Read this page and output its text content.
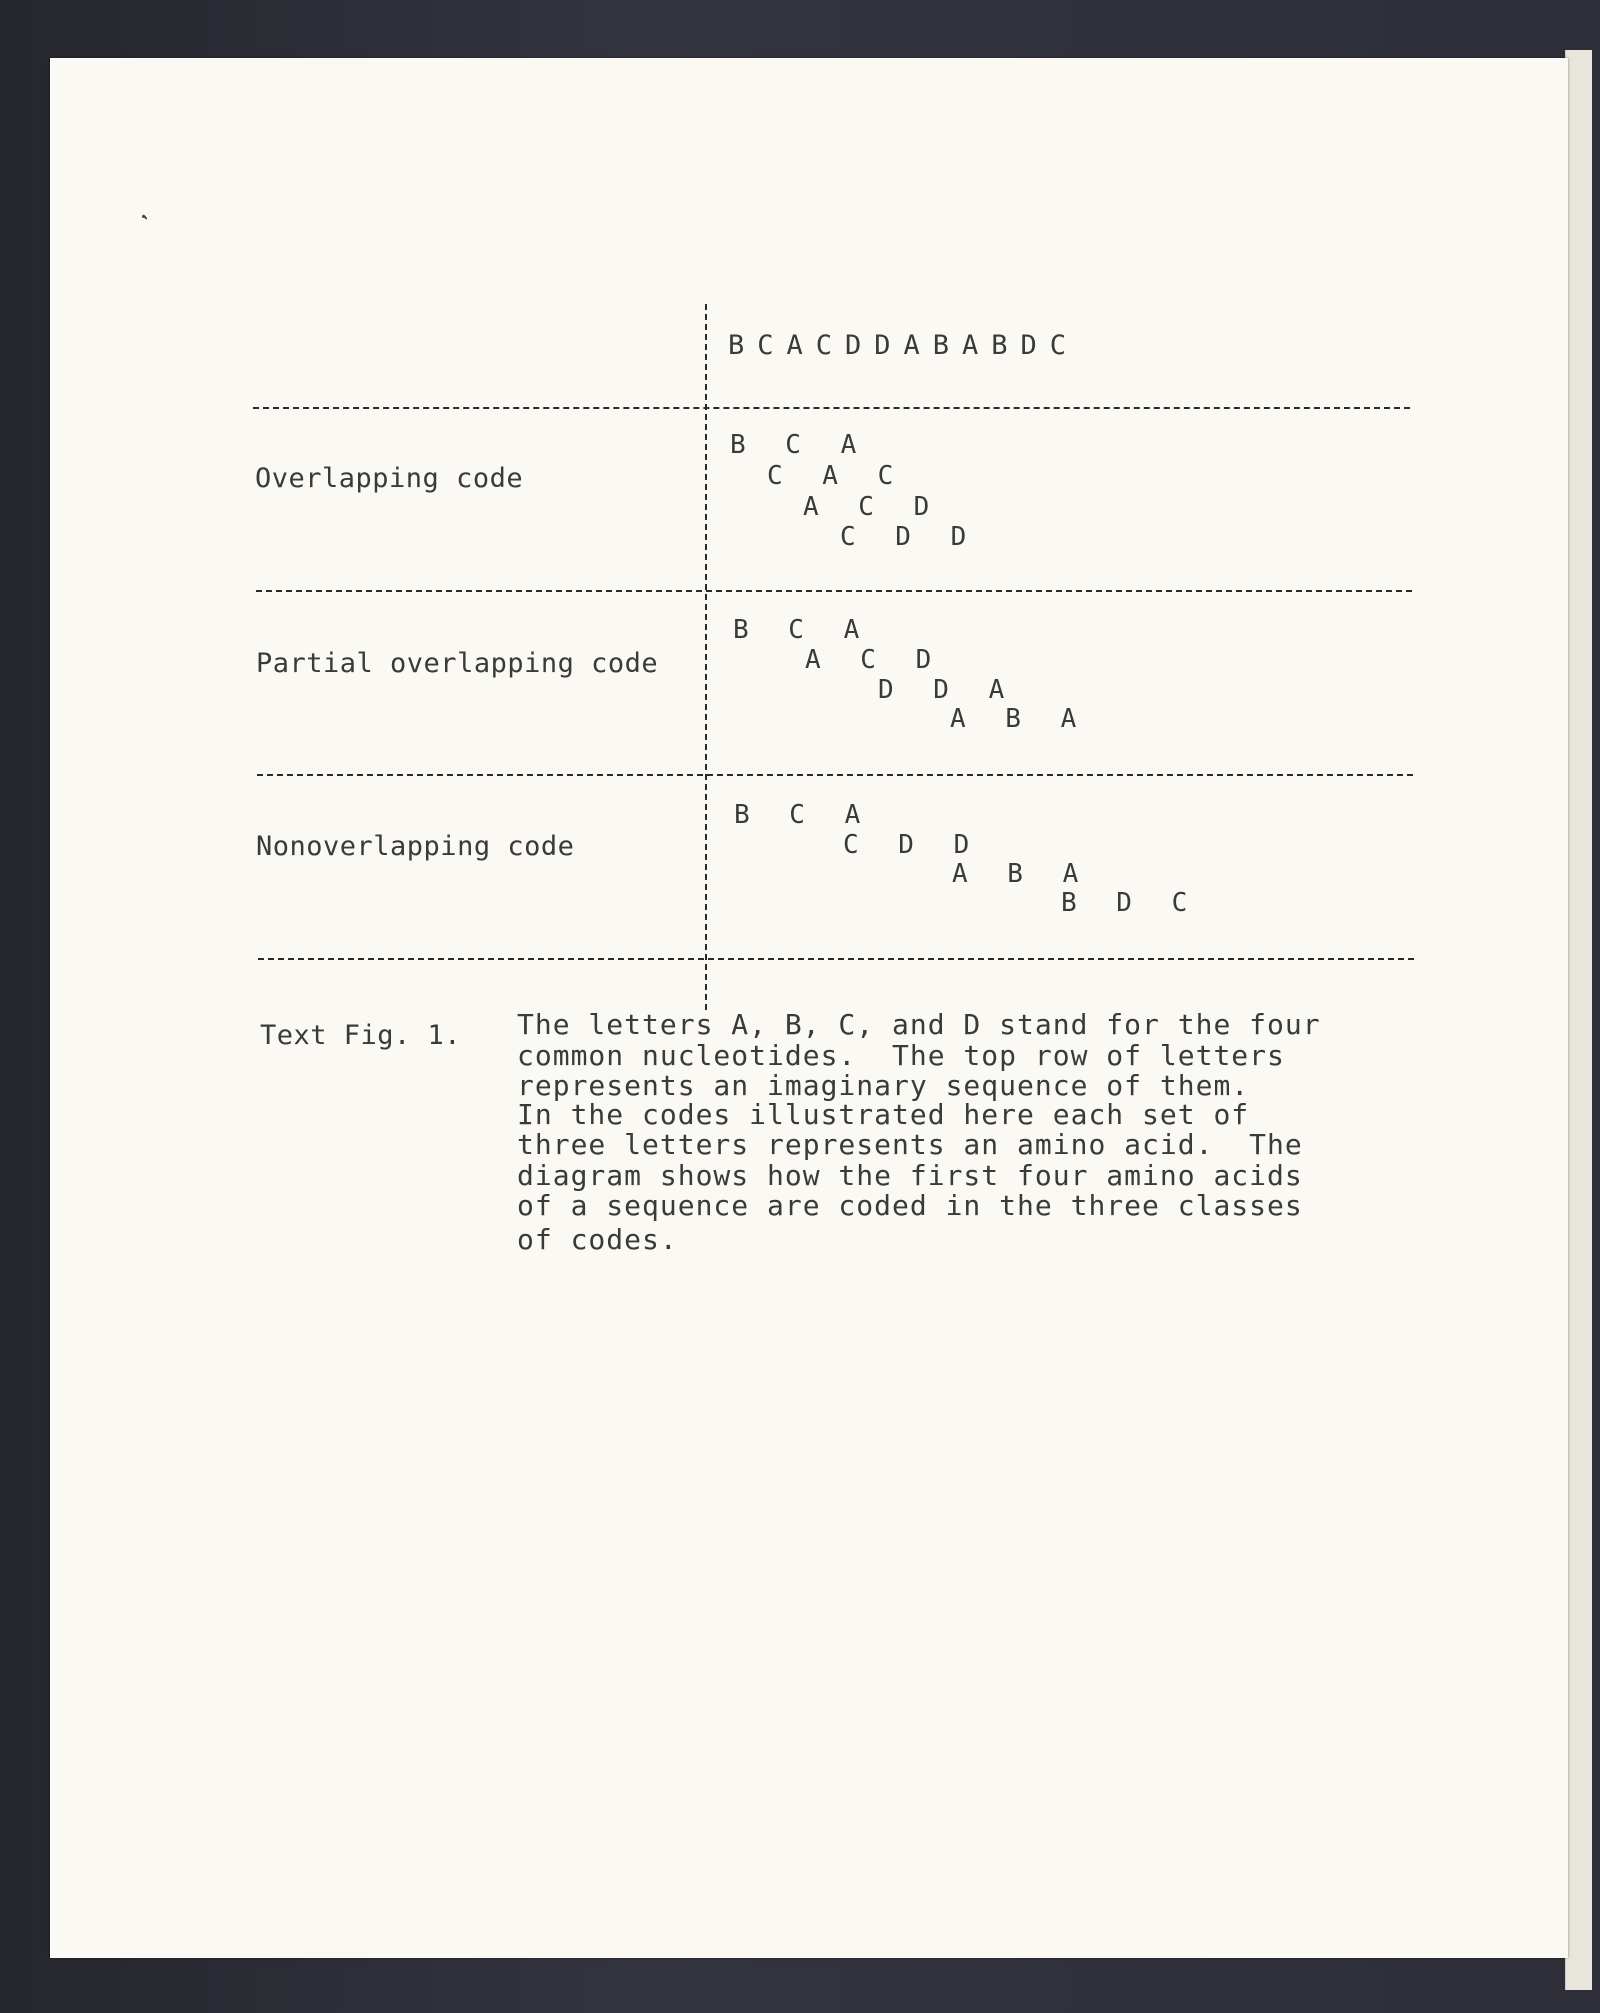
BCACDDABABDC
Overlapping code
B C A
C A C
A C D
C D D
Partial overlapping code
B C A
A C D
D D A
A B A
Nonoverlapping code
B C A
C D D
A B A
B D C
Text Fig. 1. The letters A, B, C, and D stand for the four
common nucleotides.  The top row of letters
represents an imaginary sequence of them.
In the codes illustrated here each set of
three letters represents an amino acid.  The
diagram shows how the first four amino acids
of a sequence are coded in the three classes
of codes.
